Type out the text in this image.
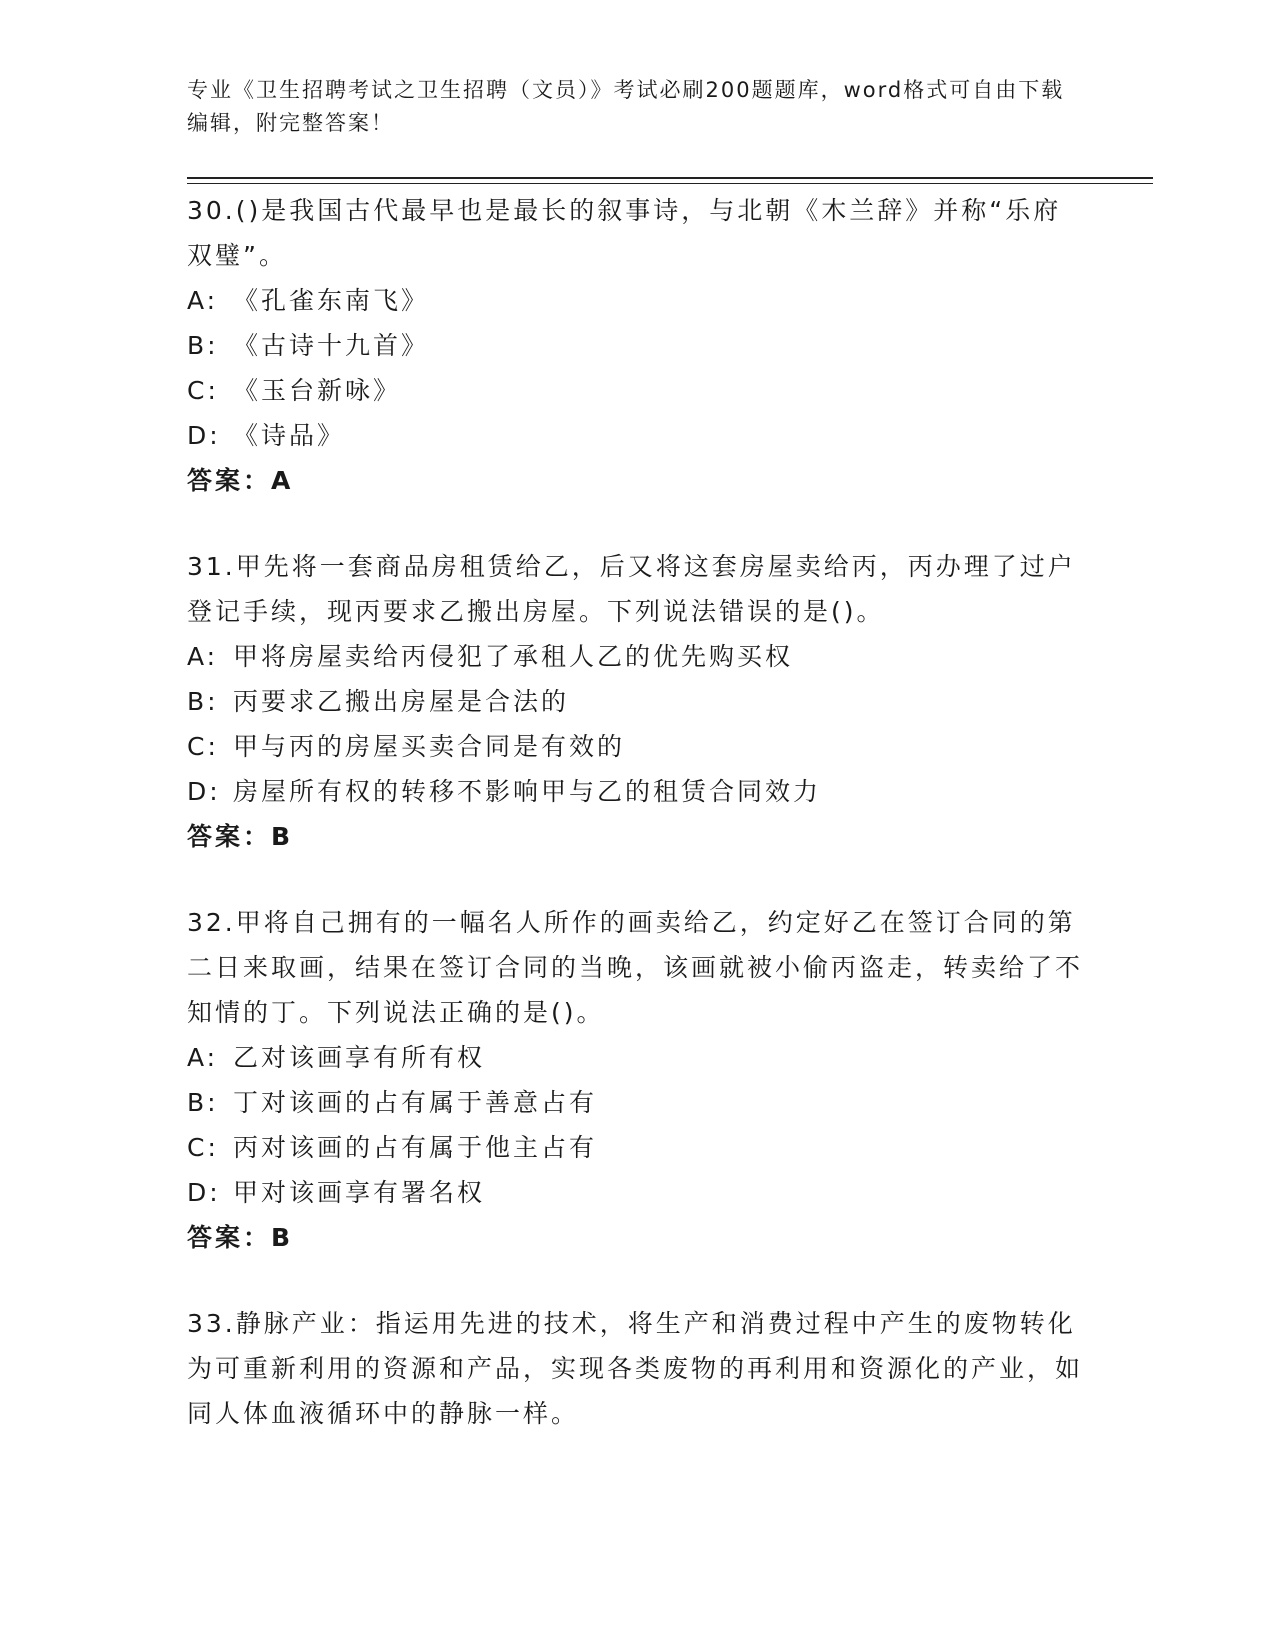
专业《卫生招聘考试之卫生招聘（文员）》考试必刷200题题库，word格式可自由下载编辑，附完整答案！

30.()是我国古代最早也是最长的叙事诗，与北朝《木兰辞》并称“乐府双璧”。

A: 《孔雀东南飞》

B: 《古诗十九首》

C: 《玉台新咏》

D: 《诗品》

答案：A

31.甲先将一套商品房租赁给乙，后又将这套房屋卖给丙，丙办理了过户登记手续，现丙要求乙搬出房屋。下列说法错误的是()。

A: 甲将房屋卖给丙侵犯了承租人乙的优先购买权

B: 丙要求乙搬出房屋是合法的

C: 甲与丙的房屋买卖合同是有效的

D: 房屋所有权的转移不影响甲与乙的租赁合同效力

答案：B

32.甲将自己拥有的一幅名人所作的画卖给乙，约定好乙在签订合同的第二日来取画，结果在签订合同的当晚，该画就被小偷丙盗走，转卖给了不知情的丁。下列说法正确的是()。

A: 乙对该画享有所有权

B: 丁对该画的占有属于善意占有

C: 丙对该画的占有属于他主占有

D: 甲对该画享有署名权

答案：B

33.静脉产业：指运用先进的技术，将生产和消费过程中产生的废物转化为可重新利用的资源和产品，实现各类废物的再利用和资源化的产业，如同人体血液循环中的静脉一样。
